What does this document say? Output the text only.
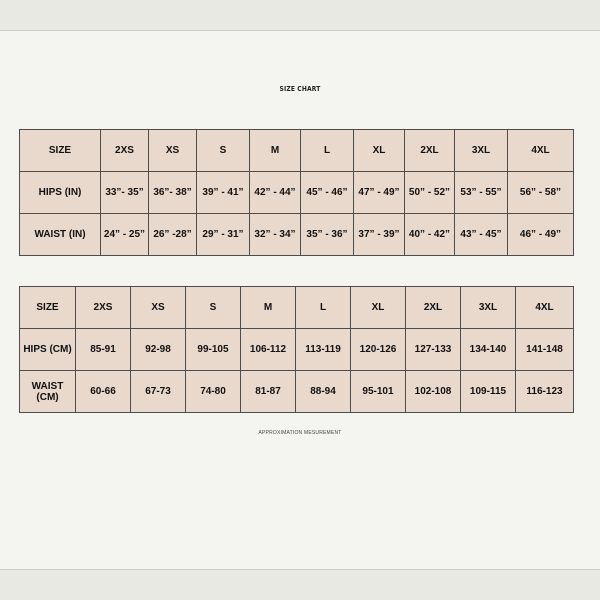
SIZE CHART
SIZE	2XS	XS	S	M	L	XL	2XL	3XL	4XL
HIPS (IN)	33”- 35”	36”- 38”	39” - 41”	42” - 44”	45” - 46”	47” - 49”	50” - 52”	53” - 55”	56” - 58”
WAIST (IN)	24” - 25”	26” -28”	29” - 31”	32” - 34”	35” - 36”	37” - 39”	40” - 42”	43” - 45”	46” - 49”
SIZE	2XS	XS	S	M	L	XL	2XL	3XL	4XL
HIPS (CM)	85-91	92-98	99-105	106-112	113-119	120-126	127-133	134-140	141-148
WAIST
(CM)	60-66	67-73	74-80	81-87	88-94	95-101	102-108	109-115	116-123
APPROXIMATION MESUREMENT
